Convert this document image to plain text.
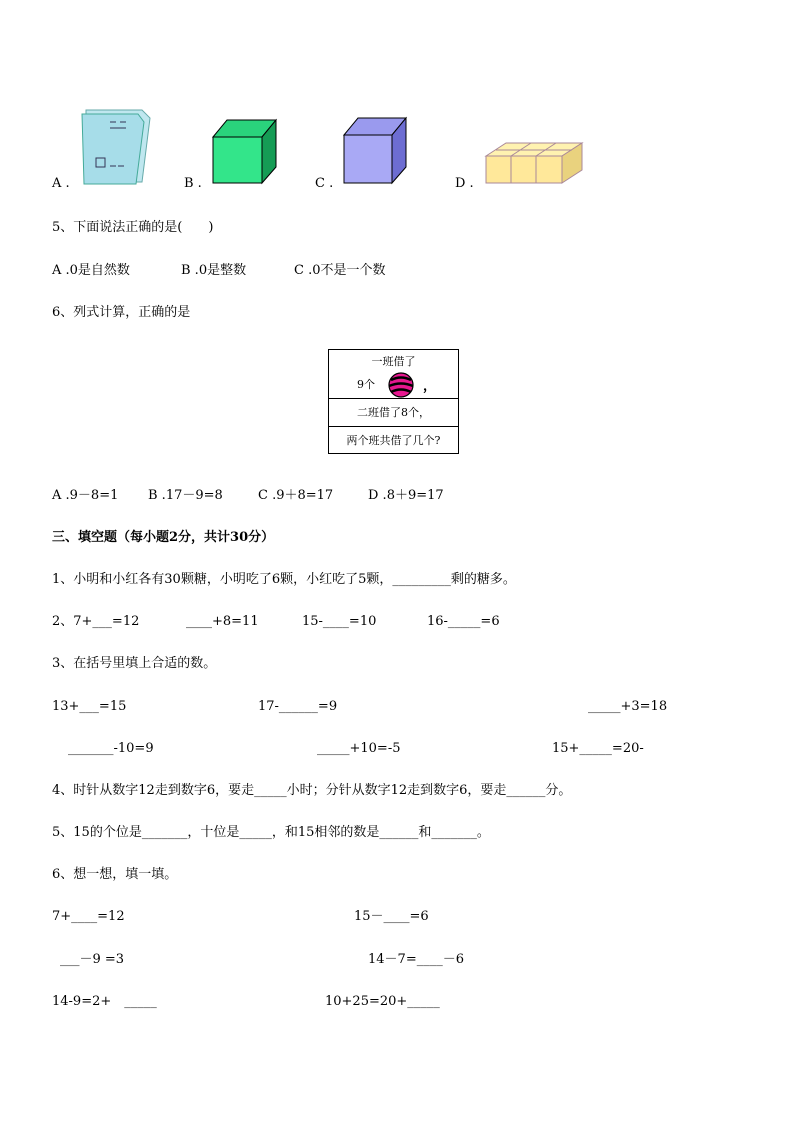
A .	B .	C .	D .
5、下面说法正确的是(　　)
A .0是自然数	B .0是整数	C .0不是一个数
6、列式计算，正确的是
一班借了
9个	，
二班借了8个，
两个班共借了几个?
A .9－8=1 B .17－9=8	C .9＋8=17	D .8＋9=17
三、填空题（每小题2分，共计30分）
1、小明和小红各有30颗糖，小明吃了6颗，小红吃了5颗，_________剩的糖多。
2、7+___=12	____+8=11	15-____=10	16-_____=6
3、在括号里填上合适的数。
13+___=15	17-______=9	_____+3=18
_______-10=9	_____+10=-5	15+_____=20-
4、时针从数字12走到数字6，要走_____小时；分针从数字12走到数字6，要走______分。
5、15的个位是_______，十位是_____，和15相邻的数是______和_______。
6、想一想，填一填。
7+____=12	15－____=6
___－9 =3	14－7=____－6
14-9=2+　_____	10+25=20+_____
